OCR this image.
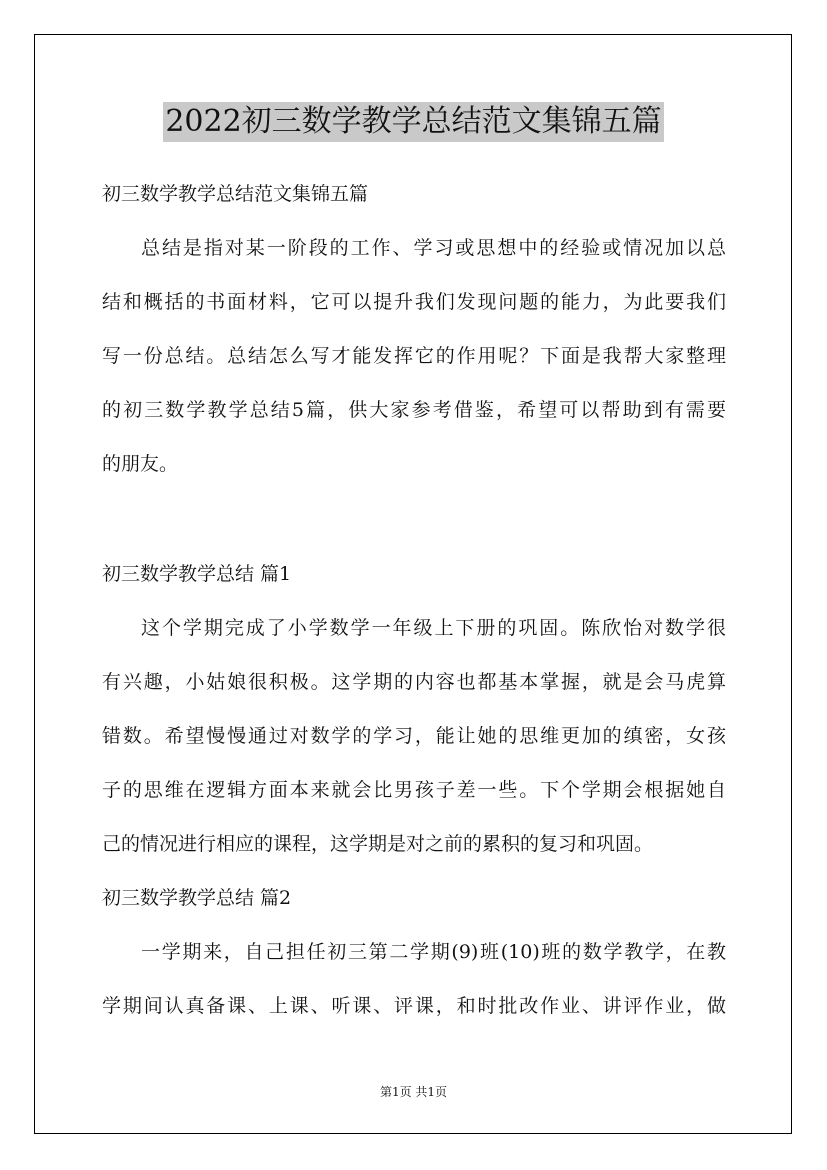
2022初三数学教学总结范文集锦五篇
初三数学教学总结范文集锦五篇
总结是指对某一阶段的工作、学习或思想中的经验或情况加以总
结和概括的书面材料，它可以提升我们发现问题的能力，为此要我们
写一份总结。总结怎么写才能发挥它的作用呢？下面是我帮大家整理
的初三数学教学总结5篇，供大家参考借鉴，希望可以帮助到有需要
的朋友。
初三数学教学总结 篇1
这个学期完成了小学数学一年级上下册的巩固。陈欣怡对数学很
有兴趣，小姑娘很积极。这学期的内容也都基本掌握，就是会马虎算
错数。希望慢慢通过对数学的学习，能让她的思维更加的缜密，女孩
子的思维在逻辑方面本来就会比男孩子差一些。下个学期会根据她自
己的情况进行相应的课程，这学期是对之前的累积的复习和巩固。
初三数学教学总结 篇2
一学期来，自己担任初三第二学期(9)班(10)班的数学教学，在教
学期间认真备课、上课、听课、评课，和时批改作业、讲评作业，做
第1页 共1页
